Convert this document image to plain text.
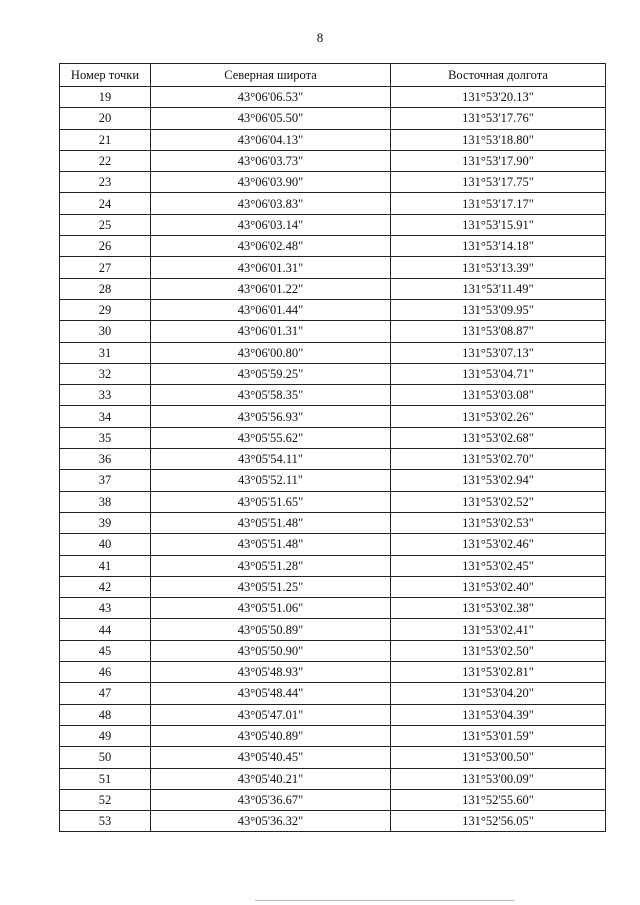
8
Номер точки	Северная широта	Восточная долгота
19	43°06'06.53"	131°53'20.13"
20	43°06'05.50"	131°53'17.76"
21	43°06'04.13"	131°53'18.80"
22	43°06'03.73"	131°53'17.90"
23	43°06'03.90"	131°53'17.75"
24	43°06'03.83"	131°53'17.17"
25	43°06'03.14"	131°53'15.91"
26	43°06'02.48"	131°53'14.18"
27	43°06'01.31"	131°53'13.39"
28	43°06'01.22"	131°53'11.49"
29	43°06'01.44"	131°53'09.95"
30	43°06'01.31"	131°53'08.87"
31	43°06'00.80"	131°53'07.13"
32	43°05'59.25"	131°53'04.71"
33	43°05'58.35"	131°53'03.08"
34	43°05'56.93"	131°53'02.26"
35	43°05'55.62"	131°53'02.68"
36	43°05'54.11"	131°53'02.70"
37	43°05'52.11"	131°53'02.94"
38	43°05'51.65"	131°53'02.52"
39	43°05'51.48"	131°53'02.53"
40	43°05'51.48"	131°53'02.46"
41	43°05'51.28"	131°53'02.45"
42	43°05'51.25"	131°53'02.40"
43	43°05'51.06"	131°53'02.38"
44	43°05'50.89"	131°53'02.41"
45	43°05'50.90"	131°53'02.50"
46	43°05'48.93"	131°53'02.81"
47	43°05'48.44"	131°53'04.20"
48	43°05'47.01"	131°53'04.39"
49	43°05'40.89"	131°53'01.59"
50	43°05'40.45"	131°53'00.50"
51	43°05'40.21"	131°53'00.09"
52	43°05'36.67"	131°52'55.60"
53	43°05'36.32"	131°52'56.05"
